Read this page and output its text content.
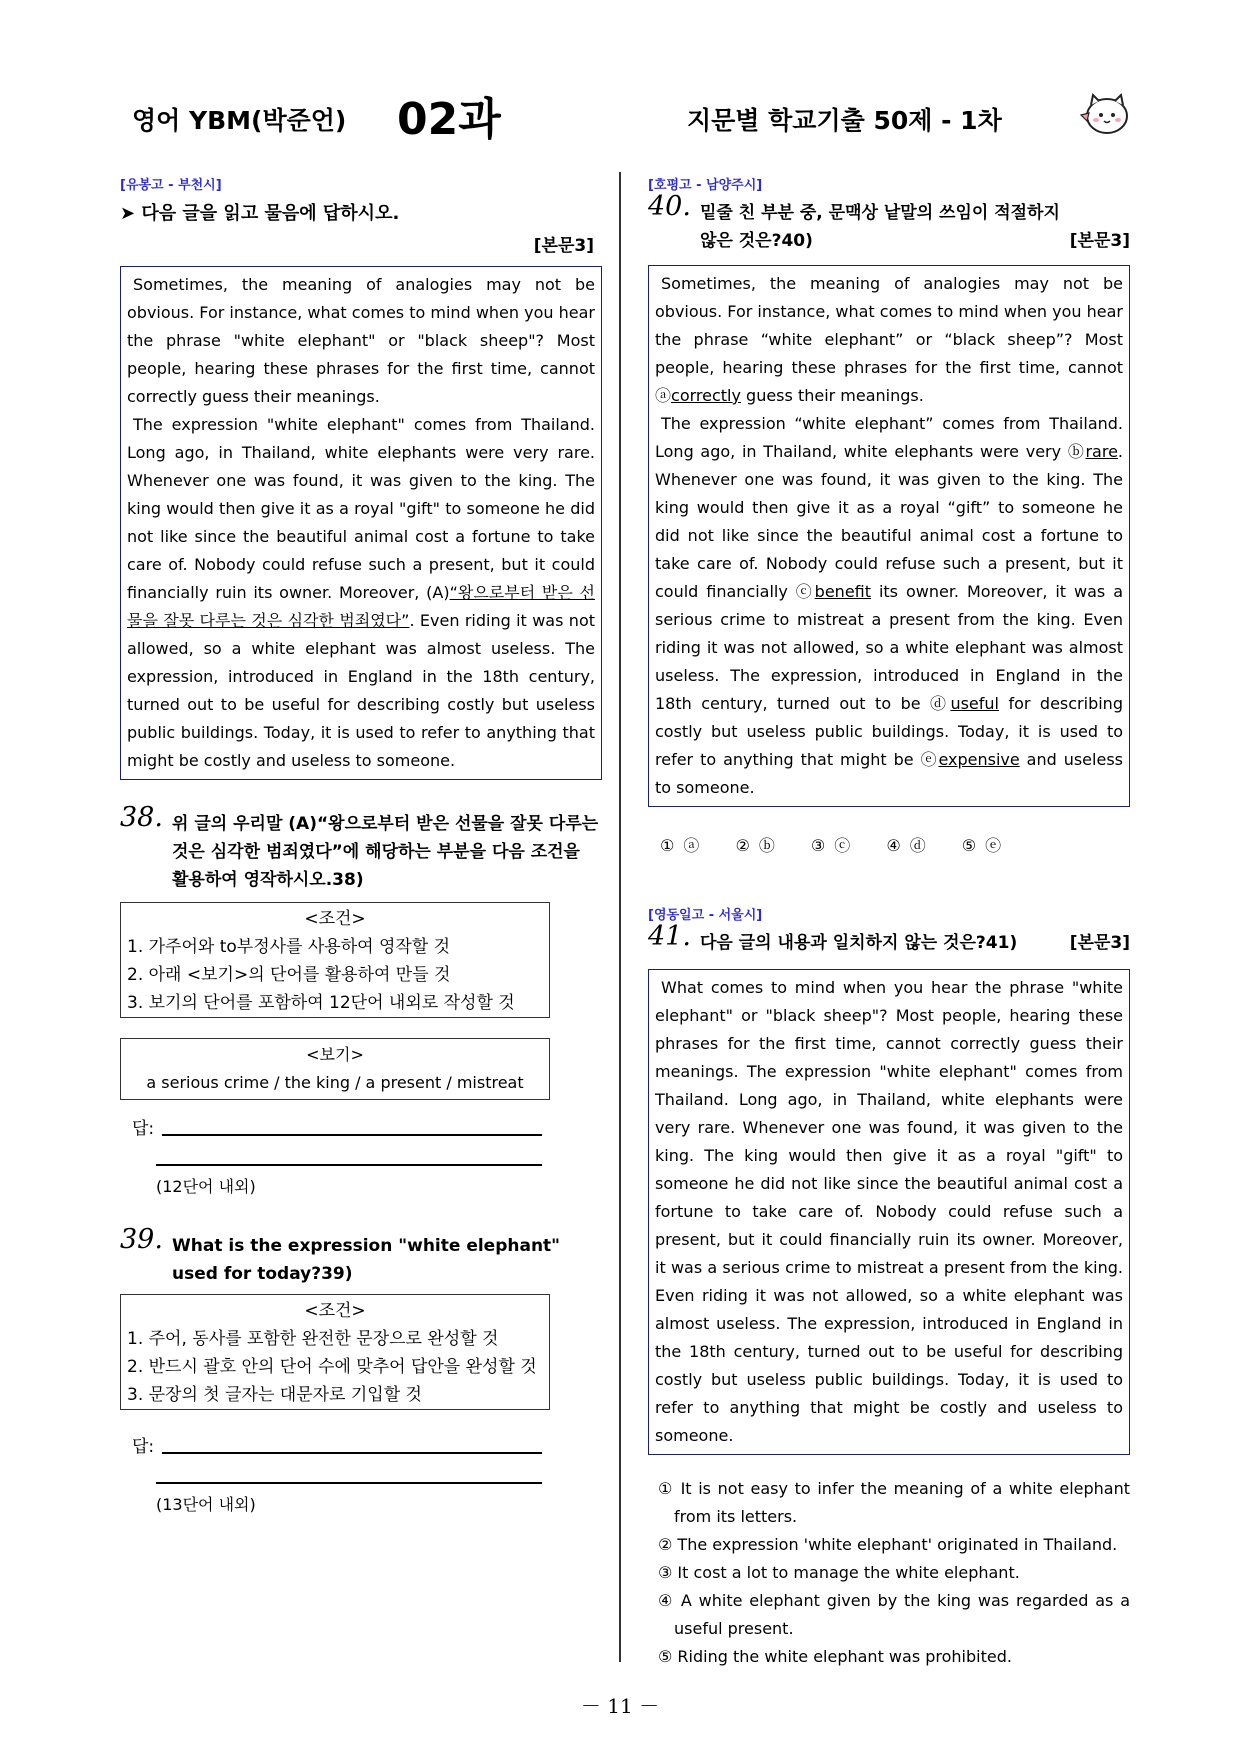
영어 YBM(박준언) 02과	지문별 학교기출 50제 - 1차
[유봉고 - 부천시]
➤ 다음 글을 읽고 물음에 답하시오.
[본문3]

Sometimes, the meaning of analogies may not be obvious. For instance, what comes to mind when you hear the phrase "white elephant" or "black sheep"? Most people, hearing these phrases for the first time, cannot correctly guess their meanings.

The expression "white elephant" comes from Thailand. Long ago, in Thailand, white elephants were very rare. Whenever one was found, it was given to the king. The king would then give it as a royal "gift" to someone he did not like since the beautiful animal cost a fortune to take care of. Nobody could refuse such a present, but it could financially ruin its owner. Moreover, (A)“왕으로부터 받은 선물을 잘못 다루는 것은 심각한 범죄였다”. Even riding it was not allowed, so a white elephant was almost useless. The expression, introduced in England in the 18th century, turned out to be useful for describing costly but useless public buildings. Today, it is used to refer to anything that might be costly and useless to someone.

38. 위 글의 우리말 (A)“왕으로부터 받은 선물을 잘못 다루는 것은 심각한 범죄였다”에 해당하는 부분을 다음 조건을 활용하여 영작하시오.38)
<조건>
1. 가주어와 to부정사를 사용하여 영작할 것
2. 아래 <보기>의 단어를 활용하여 만들 것
3. 보기의 단어를 포함하여 12단어 내외로 작성할 것
<보기>
a serious crime / the king / a present / mistreat
답:
(12단어 내외)
39. What is the expression "white elephant" used for today?39)
<조건>
1. 주어, 동사를 포함한 완전한 문장으로 완성할 것
2. 반드시 괄호 안의 단어 수에 맞추어 답안을 완성할 것
3. 문장의 첫 글자는 대문자로 기입할 것
답:
(13단어 내외)
[호평고 - 남양주시]
40. 밑줄 친 부분 중, 문맥상 낱말의 쓰임이 적절하지 않은 것은?40)	[본문3]

Sometimes, the meaning of analogies may not be obvious. For instance, what comes to mind when you hear the phrase “white elephant” or “black sheep”? Most people, hearing these phrases for the first time, cannot ⓐcorrectly guess their meanings.

The expression “white elephant” comes from Thailand. Long ago, in Thailand, white elephants were very ⓑrare. Whenever one was found, it was given to the king. The king would then give it as a royal “gift” to someone he did not like since the beautiful animal cost a fortune to take care of. Nobody could refuse such a present, but it could financially ⓒbenefit its owner. Moreover, it was a serious crime to mistreat a present from the king. Even riding it was not allowed, so a white elephant was almost useless. The expression, introduced in England in the 18th century, turned out to be ⓓuseful for describing costly but useless public buildings. Today, it is used to refer to anything that might be ⓔexpensive and useless to someone.

① ⓐ ② ⓑ ③ ⓒ ④ ⓓ ⑤ ⓔ
[영동일고 - 서울시]
41. 다음 글의 내용과 일치하지 않는 것은?41)	[본문3]

What comes to mind when you hear the phrase "white elephant" or "black sheep"? Most people, hearing these phrases for the first time, cannot correctly guess their meanings. The expression "white elephant" comes from Thailand. Long ago, in Thailand, white elephants were very rare. Whenever one was found, it was given to the king. The king would then give it as a royal "gift" to someone he did not like since the beautiful animal cost a fortune to take care of. Nobody could refuse such a present, but it could financially ruin its owner. Moreover, it was a serious crime to mistreat a present from the king. Even riding it was not allowed, so a white elephant was almost useless. The expression, introduced in England in the 18th century, turned out to be useful for describing costly but useless public buildings. Today, it is used to refer to anything that might be costly and useless to someone.

① It is not easy to infer the meaning of a white elephant from its letters.
② The expression 'white elephant' originated in Thailand.
③ It cost a lot to manage the white elephant.
④ A white elephant given by the king was regarded as a useful present.
⑤ Riding the white elephant was prohibited.
－ 11 －
